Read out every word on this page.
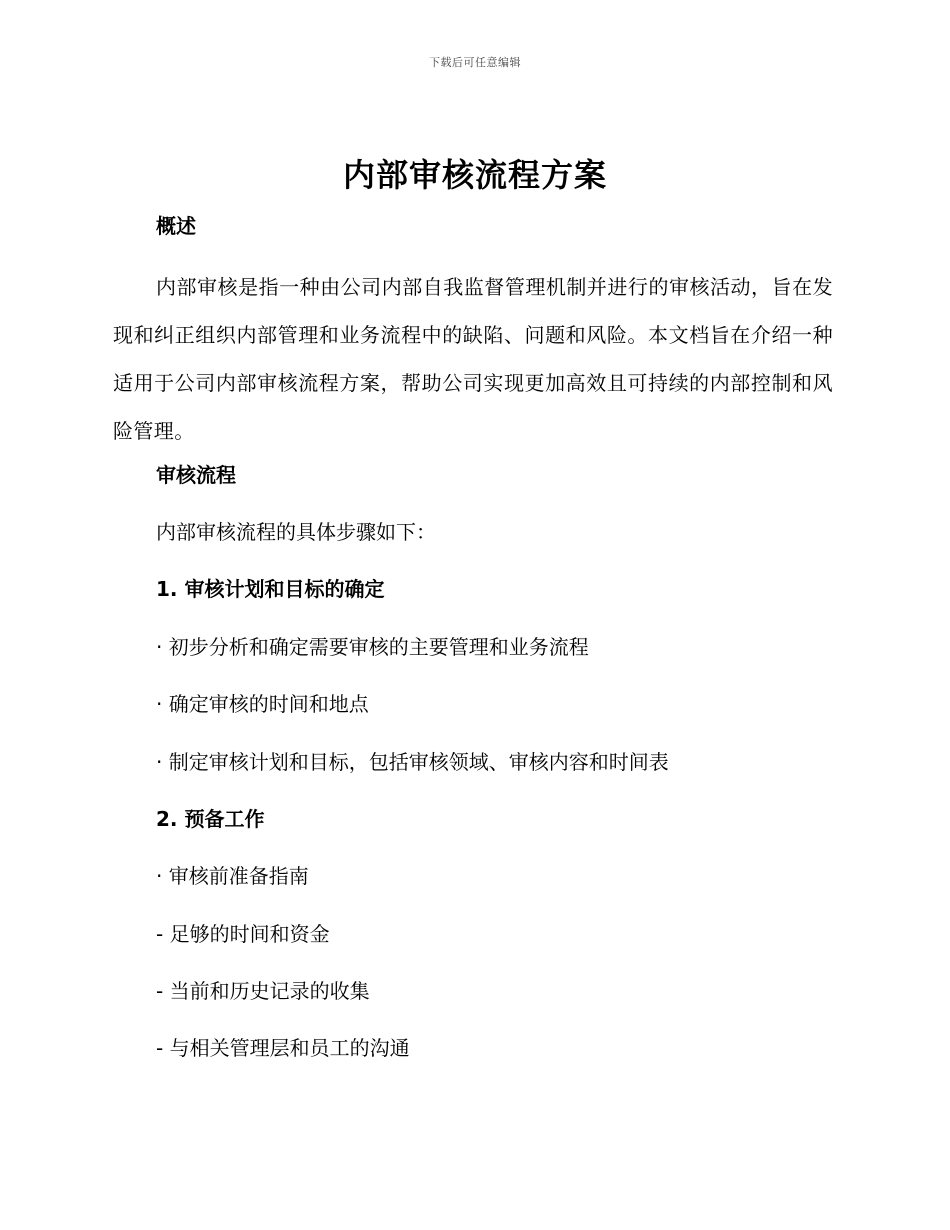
下载后可任意编辑
内部审核流程方案
概述
内部审核是指一种由公司内部自我监督管理机制并进行的审核活动，旨在发现和纠正组织内部管理和业务流程中的缺陷、问题和风险。本文档旨在介绍一种适用于公司内部审核流程方案，帮助公司实现更加高效且可持续的内部控制和风险管理。
审核流程
内部审核流程的具体步骤如下：
1. 审核计划和目标的确定
· 初步分析和确定需要审核的主要管理和业务流程
· 确定审核的时间和地点
· 制定审核计划和目标，包括审核领域、审核内容和时间表
2. 预备工作
· 审核前准备指南
- 足够的时间和资金
- 当前和历史记录的收集
- 与相关管理层和员工的沟通
